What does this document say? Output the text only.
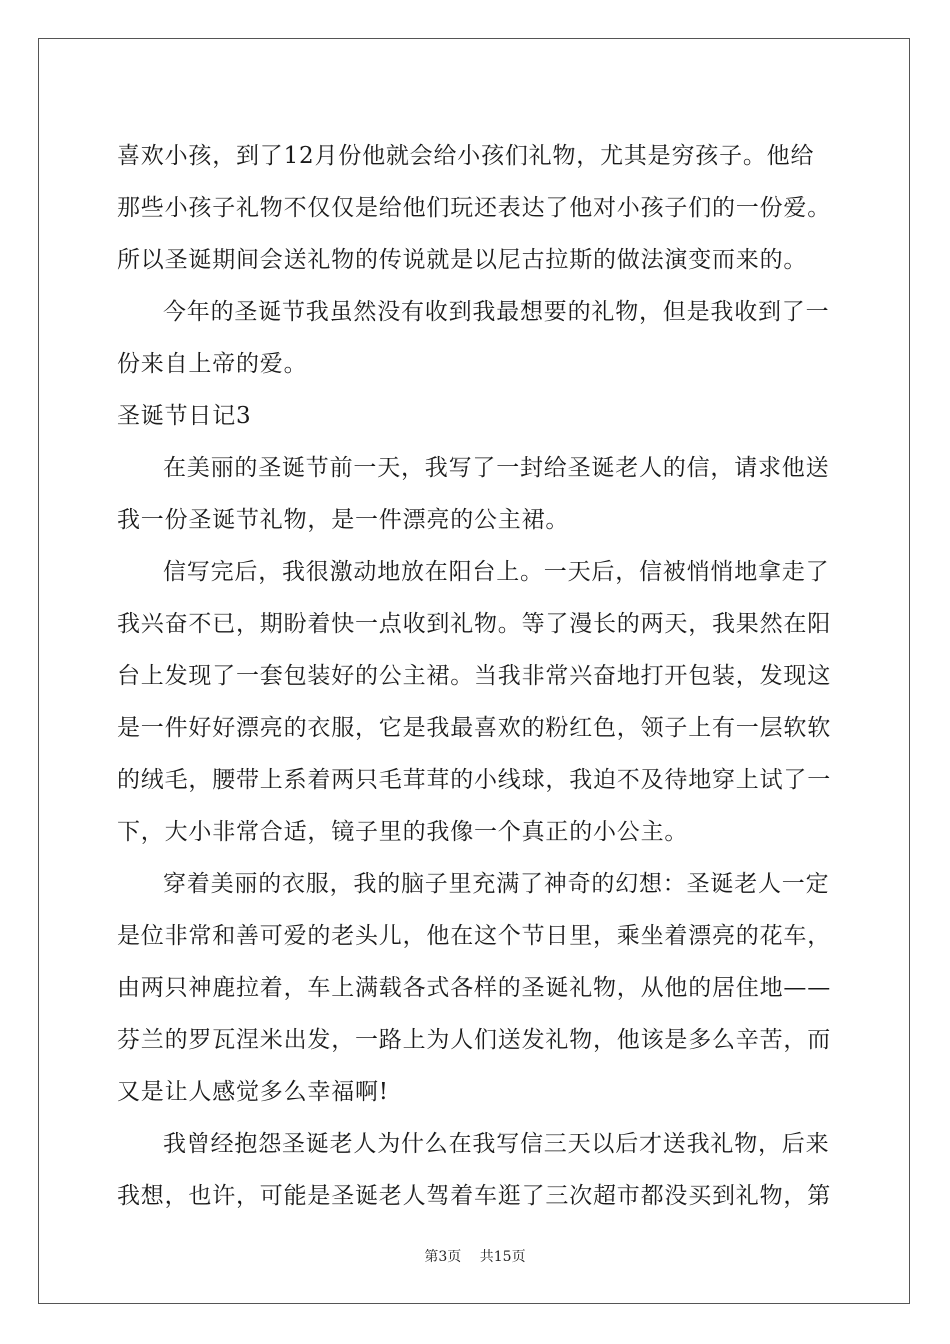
喜欢小孩，到了12月份他就会给小孩们礼物，尤其是穷孩子。他给
那些小孩子礼物不仅仅是给他们玩还表达了他对小孩子们的一份爱。
所以圣诞期间会送礼物的传说就是以尼古拉斯的做法演变而来的。
今年的圣诞节我虽然没有收到我最想要的礼物，但是我收到了一
份来自上帝的爱。
圣诞节日记3
在美丽的圣诞节前一天，我写了一封给圣诞老人的信，请求他送
我一份圣诞节礼物，是一件漂亮的公主裙。
信写完后，我很激动地放在阳台上。一天后，信被悄悄地拿走了
我兴奋不已，期盼着快一点收到礼物。等了漫长的两天，我果然在阳
台上发现了一套包装好的公主裙。当我非常兴奋地打开包装，发现这
是一件好好漂亮的衣服，它是我最喜欢的粉红色，领子上有一层软软
的绒毛，腰带上系着两只毛茸茸的小线球，我迫不及待地穿上试了一
下，大小非常合适，镜子里的我像一个真正的小公主。
穿着美丽的衣服，我的脑子里充满了神奇的幻想：圣诞老人一定
是位非常和善可爱的老头儿，他在这个节日里，乘坐着漂亮的花车，
由两只神鹿拉着，车上满载各式各样的圣诞礼物，从他的居住地——
芬兰的罗瓦涅米出发，一路上为人们送发礼物，他该是多么辛苦，而
又是让人感觉多么幸福啊!
我曾经抱怨圣诞老人为什么在我写信三天以后才送我礼物，后来
我想，也许，可能是圣诞老人驾着车逛了三次超市都没买到礼物，第
第3页 共15页
